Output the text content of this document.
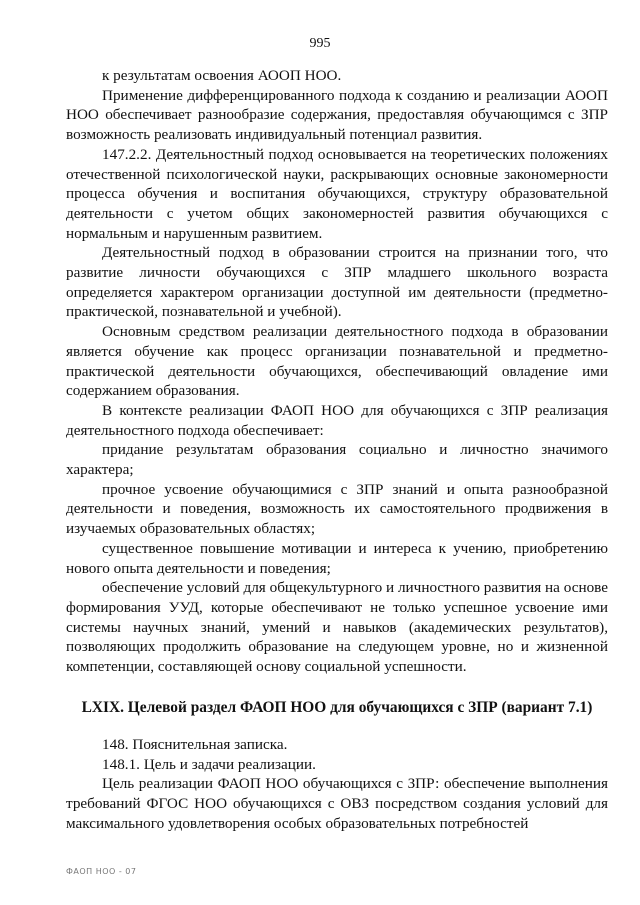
995

к результатам освоения АООП НОО.

Применение дифференцированного подхода к созданию и реализации АООП НОО обеспечивает разнообразие содержания, предоставляя обучающимся с ЗПР возможность реализовать индивидуальный потенциал развития.

147.2.2. Деятельностный подход основывается на теоретических положениях отечественной психологической науки, раскрывающих основные закономерности процесса обучения и воспитания обучающихся, структуру образовательной деятельности с учетом общих закономерностей развития обучающихся с нормальным и нарушенным развитием.

Деятельностный подход в образовании строится на признании того, что развитие личности обучающихся с ЗПР младшего школьного возраста определяется характером организации доступной им деятельности (предметно-практической, познавательной и учебной).

Основным средством реализации деятельностного подхода в образовании является обучение как процесс организации познавательной и предметно-практической деятельности обучающихся, обеспечивающий овладение ими содержанием образования.

В контексте реализации ФАОП НОО для обучающихся с ЗПР реализация деятельностного подхода обеспечивает:

придание результатам образования социально и личностно значимого характера;

прочное усвоение обучающимися с ЗПР знаний и опыта разнообразной деятельности и поведения, возможность их самостоятельного продвижения в изучаемых образовательных областях;

существенное повышение мотивации и интереса к учению, приобретению нового опыта деятельности и поведения;

обеспечение условий для общекультурного и личностного развития на основе формирования УУД, которые обеспечивают не только успешное усвоение ими системы научных знаний, умений и навыков (академических результатов), позволяющих продолжить образование на следующем уровне, но и жизненной компетенции, составляющей основу социальной успешности.

LXIX. Целевой раздел ФАОП НОО для обучающихся с ЗПР (вариант 7.1)

148. Пояснительная записка.

148.1. Цель и задачи реализации.

Цель реализации ФАОП НОО обучающихся с ЗПР: обеспечение выполнения требований ФГОС НОО обучающихся с ОВЗ посредством создания условий для максимального удовлетворения особых образовательных потребностей

ФАОП НОО - 07
